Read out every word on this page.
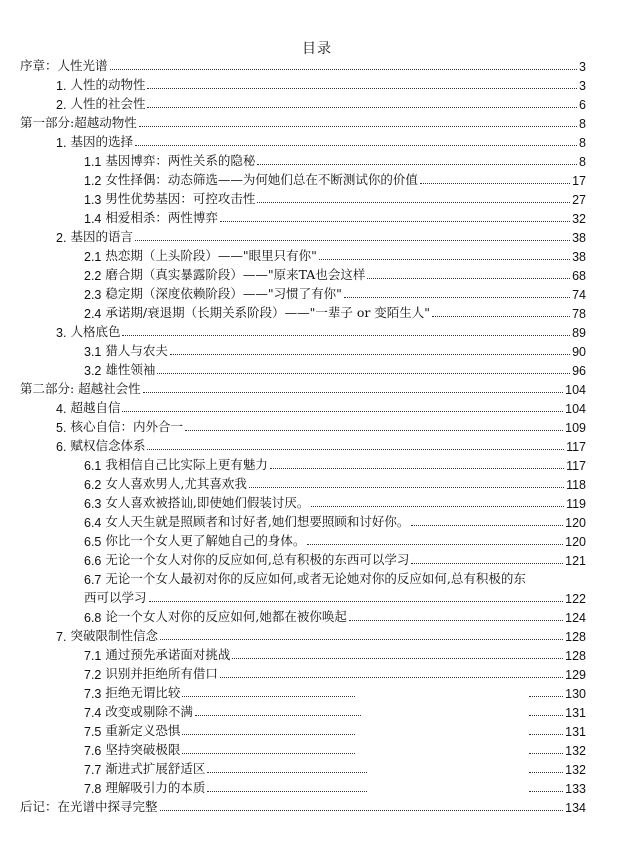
目录
序章：人性光谱	3
1. 人性的动物性	3
2. 人性的社会性	6
第一部分:超越动物性	8
1. 基因的选择	8
1.1 基因博弈：两性关系的隐秘	8
1.2 女性择偶：动态筛选——为何她们总在不断测试你的价值	17
1.3 男性优势基因：可控攻击性	27
1.4 相爱相杀：两性博弈	32
2. 基因的语言	38
2.1 热恋期（上头阶段）——"眼里只有你"	38
2.2 磨合期（真实暴露阶段）——"原来TA也会这样	68
2.3 稳定期（深度依赖阶段）——"习惯了有你"	74
2.4 承诺期/衰退期（长期关系阶段）——"一辈子 or 变陌生人"	78
3. 人格底色	89
3.1 猎人与农夫	90
3.2 雄性领袖	96
第二部分: 超越社会性	104
4. 超越自信	104
5. 核心自信：内外合一	109
6. 赋权信念体系	117
6.1 我相信自己比实际上更有魅力	117
6.2 女人喜欢男人,尤其喜欢我	118
6.3 女人喜欢被搭讪,即使她们假装讨厌。	119
6.4 女人天生就是照顾者和讨好者,她们想要照顾和讨好你。	120
6.5 你比一个女人更了解她自己的身体。	120
6.6 无论一个女人对你的反应如何,总有积极的东西可以学习	121
6.7 无论一个女人最初对你的反应如何,或者无论她对你的反应如何,总有积极的东
西可以学习	122
6.8 论一个女人对你的反应如何,她都在被你唤起	124
7. 突破限制性信念	128
7.1 通过预先承诺面对挑战	128
7.2 识别并拒绝所有借口	129
7.3 拒绝无谓比较	130
7.4 改变或剔除不满	131
7.5 重新定义恐惧	131
7.6 坚持突破极限	132
7.7 渐进式扩展舒适区	132
7.8 理解吸引力的本质	133
后记：在光谱中探寻完整	134
